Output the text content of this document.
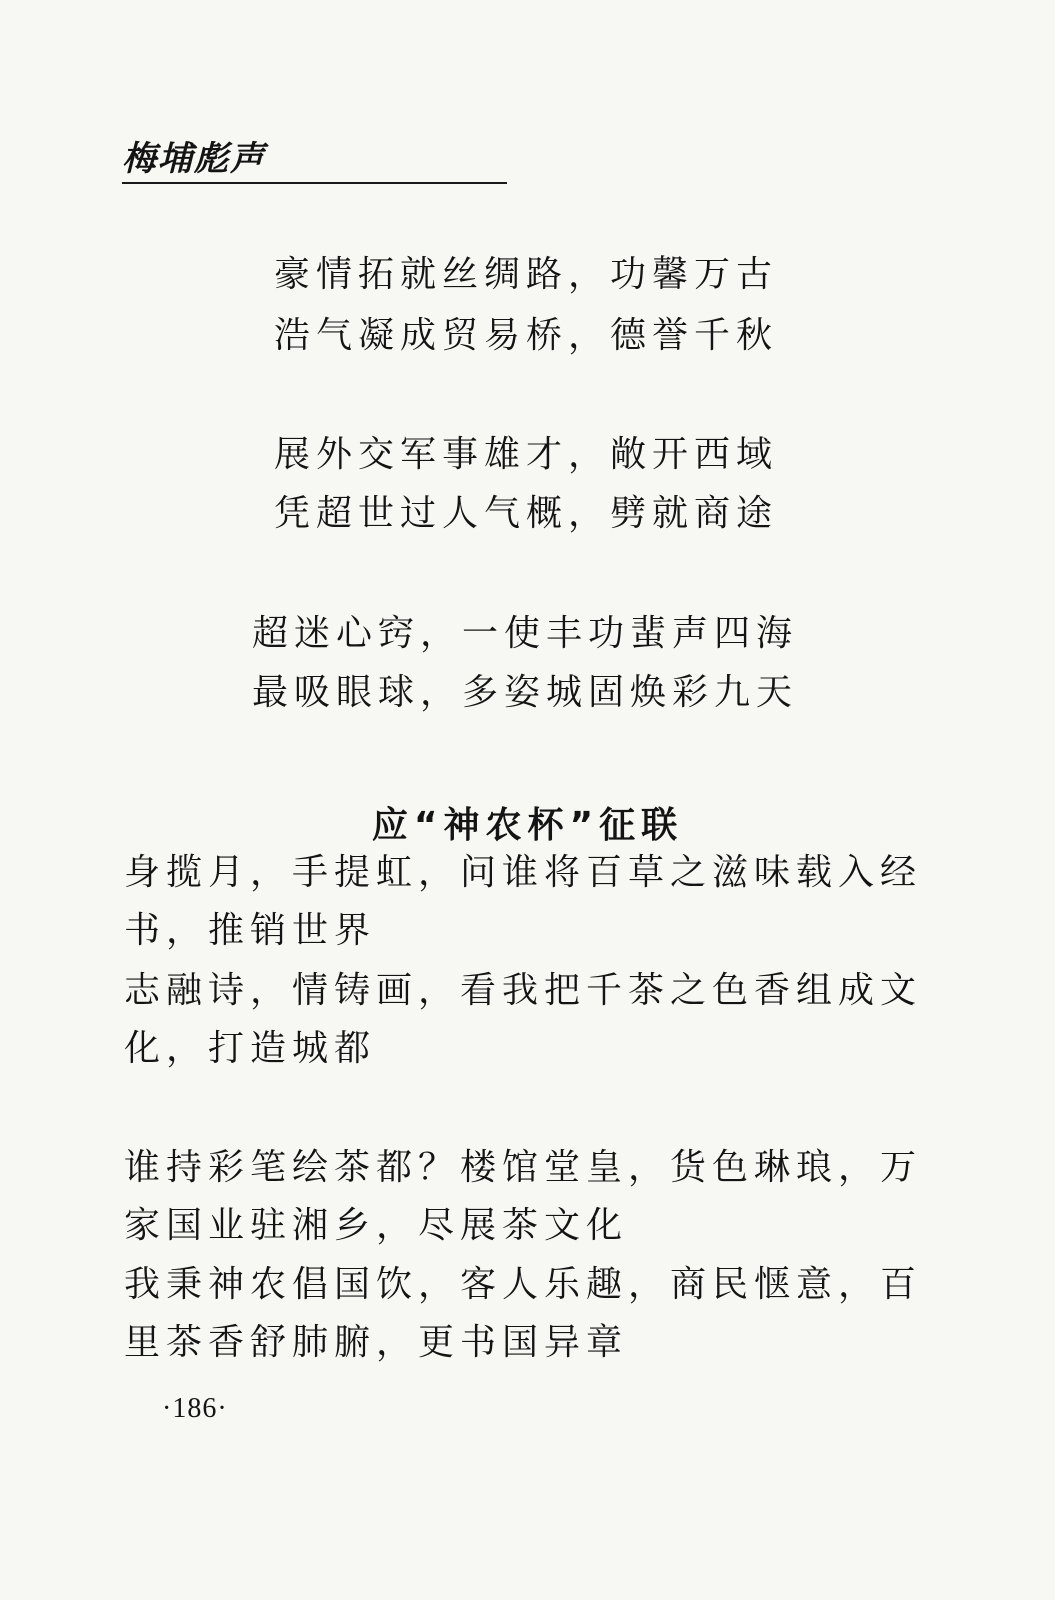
梅埔彪声
豪情拓就丝绸路，功馨万古
浩气凝成贸易桥，德誉千秋
展外交军事雄才，敞开西域
凭超世过人气概，劈就商途
超迷心窍，一使丰功蜚声四海
最吸眼球，多姿城固焕彩九天
应“神农杯”征联
身揽月，手提虹，问谁将百草之滋味载入经
书，推销世界
志融诗，情铸画，看我把千茶之色香组成文
化，打造城都
谁持彩笔绘茶都？楼馆堂皇，货色琳琅，万
家国业驻湘乡，尽展茶文化
我秉神农倡国饮，客人乐趣，商民惬意，百
里茶香舒肺腑，更书国异章
·186·
